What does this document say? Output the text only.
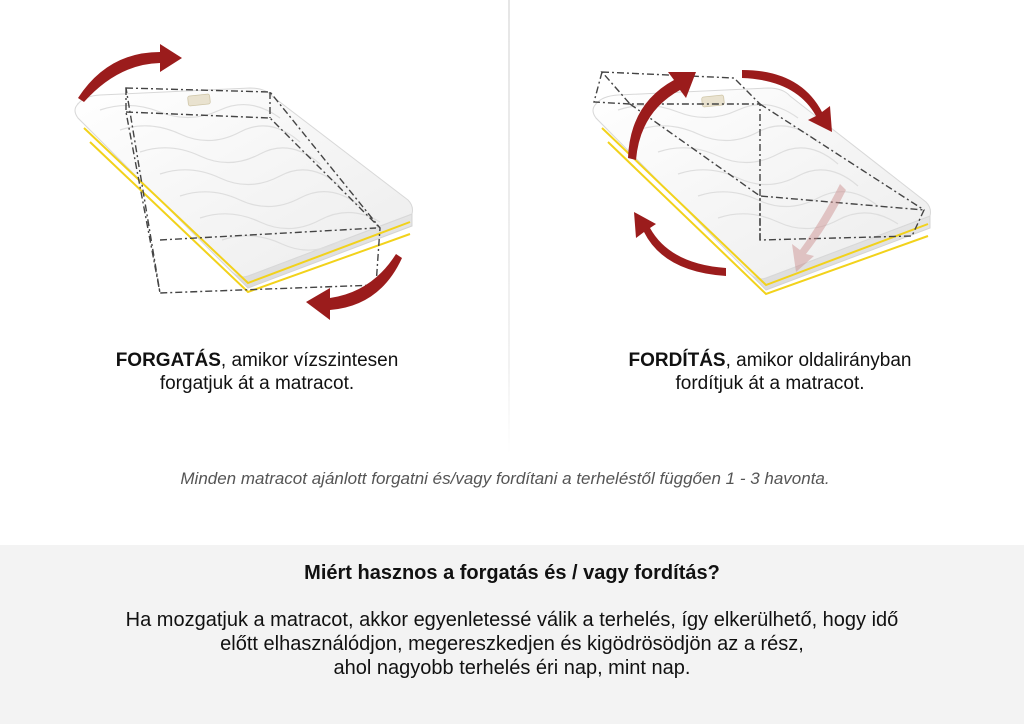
FORGATÁS, amikor vízszintesen
forgatjuk át a matracot.
FORDÍTÁS, amikor oldalirányban
fordítjuk át a matracot.
Minden matracot ajánlott forgatni és/vagy fordítani a terheléstől függően 1 - 3 havonta.
Miért hasznos a forgatás és / vagy fordítás?
Ha mozgatjuk a matracot, akkor egyenletessé válik a terhelés, így elkerülhető, hogy idő
előtt elhasználódjon, megereszkedjen és kigödrösödjön az a rész,
ahol nagyobb terhelés éri nap, mint nap.
